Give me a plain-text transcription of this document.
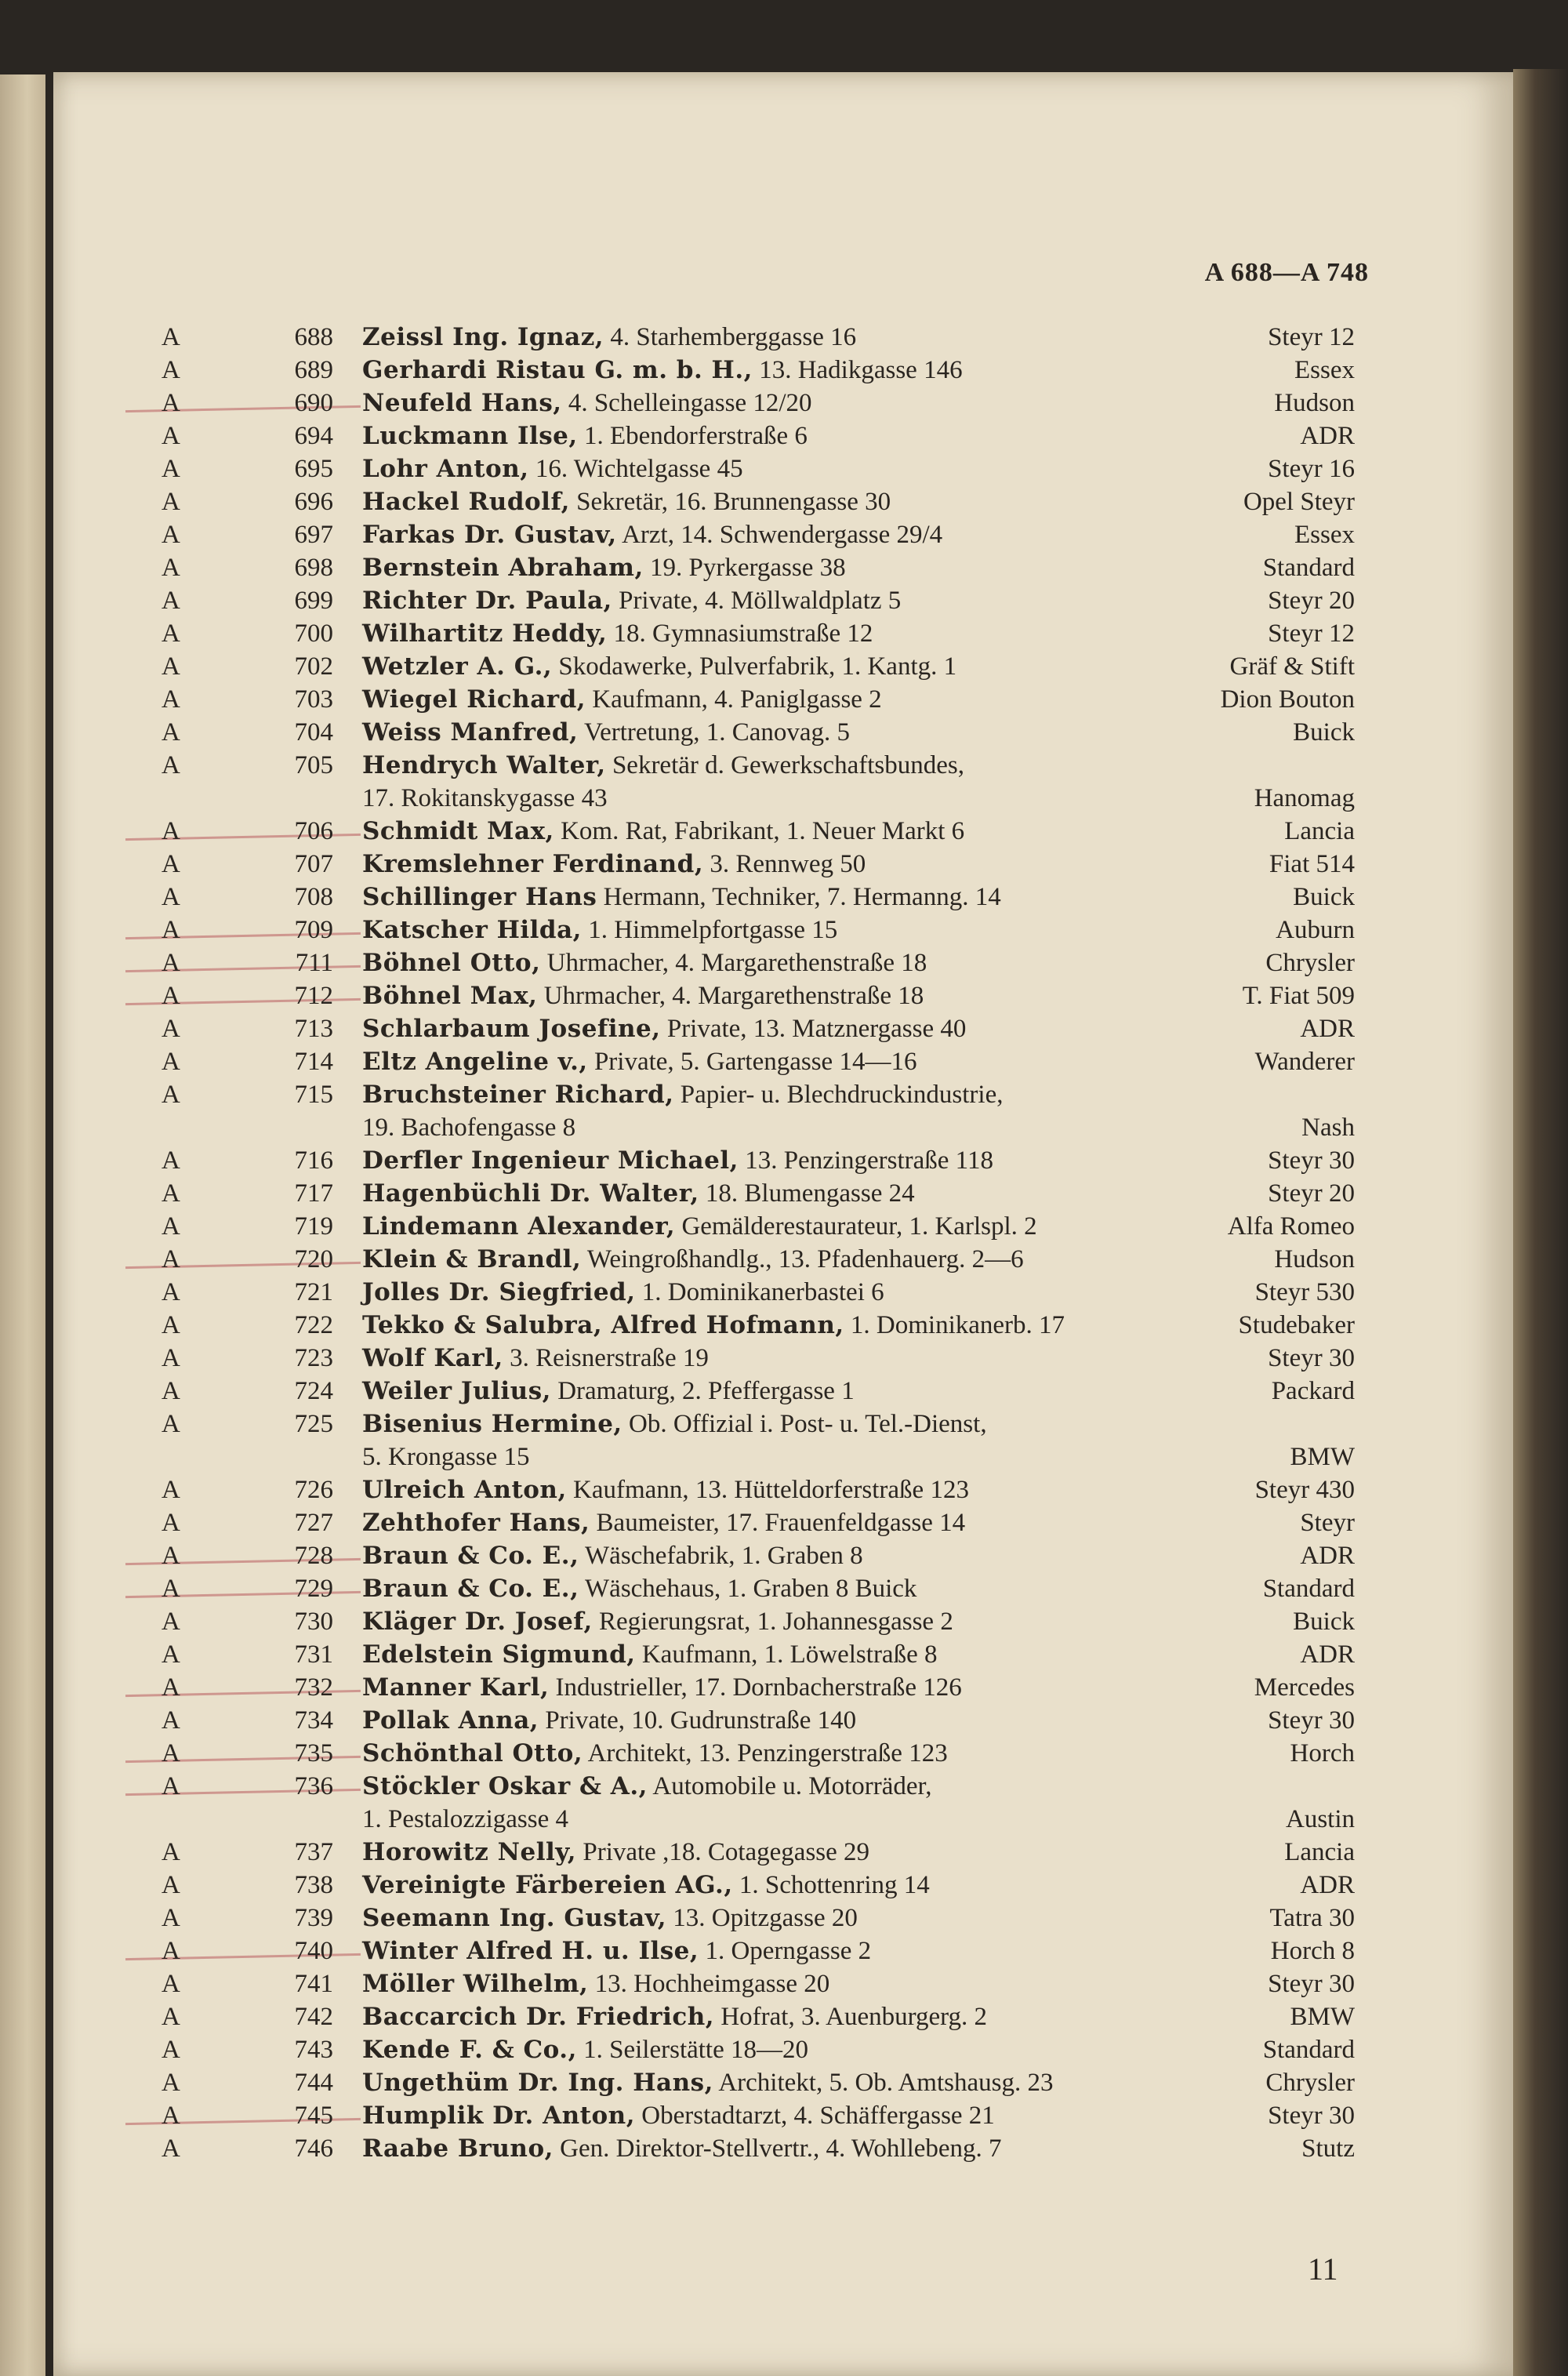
A 688—A 748
A	688 Zeissl Ing. Ignaz, 4. Starhemberggasse 16	Steyr 12
A	689 Gerhardi Ristau G. m. b. H., 13. Hadikgasse 146	Essex
A	690 Neufeld Hans, 4. Schelleingasse 12/20	Hudson
A	694 Luckmann Ilse, 1. Ebendorferstraße 6	ADR
A	695 Lohr Anton, 16. Wichtelgasse 45	Steyr 16
A	696 Hackel Rudolf, Sekretär, 16. Brunnengasse 30	Opel Steyr
A	697 Farkas Dr. Gustav, Arzt, 14. Schwendergasse 29/4	Essex
A	698 Bernstein Abraham, 19. Pyrkergasse 38	Standard
A	699 Richter Dr. Paula, Private, 4. Möllwaldplatz 5	Steyr 20
A	700 Wilhartitz Heddy, 18. Gymnasiumstraße 12	Steyr 12
A	702 Wetzler A. G., Skodawerke, Pulverfabrik, 1. Kantg. 1	Gräf & Stift
A	703 Wiegel Richard, Kaufmann, 4. Paniglgasse 2	Dion Bouton
A	704 Weiss Manfred, Vertretung, 1. Canovag. 5	Buick
A	705 Hendrych Walter, Sekretär d. Gewerkschaftsbundes,
17. Rokitanskygasse 43	Hanomag
A	706 Schmidt Max, Kom. Rat, Fabrikant, 1. Neuer Markt 6	Lancia
A	707 Kremslehner Ferdinand, 3. Rennweg 50	Fiat 514
A	708 Schillinger Hans Hermann, Techniker, 7. Hermanng. 14	Buick
A	709 Katscher Hilda, 1. Himmelpfortgasse 15	Auburn
A	711 Böhnel Otto, Uhrmacher, 4. Margarethenstraße 18	Chrysler
A	712 Böhnel Max, Uhrmacher, 4. Margarethenstraße 18	T. Fiat 509
A	713 Schlarbaum Josefine, Private, 13. Matznergasse 40	ADR
A	714 Eltz Angeline v., Private, 5. Gartengasse 14—16	Wanderer
A	715 Bruchsteiner Richard, Papier- u. Blechdruckindustrie,
19. Bachofengasse 8	Nash
A	716 Derfler Ingenieur Michael, 13. Penzingerstraße 118	Steyr 30
A	717 Hagenbüchli Dr. Walter, 18. Blumengasse 24	Steyr 20
A	719 Lindemann Alexander, Gemälderestaurateur, 1. Karlspl. 2	Alfa Romeo
A	720 Klein & Brandl, Weingroßhandlg., 13. Pfadenhauerg. 2—6	Hudson
A	721 Jolles Dr. Siegfried, 1. Dominikanerbastei 6	Steyr 530
A	722 Tekko & Salubra, Alfred Hofmann, 1. Dominikanerb. 17	Studebaker
A	723 Wolf Karl, 3. Reisnerstraße 19	Steyr 30
A	724 Weiler Julius, Dramaturg, 2. Pfeffergasse 1	Packard
A	725 Bisenius Hermine, Ob. Offizial i. Post- u. Tel.-Dienst,
5. Krongasse 15	BMW
A	726 Ulreich Anton, Kaufmann, 13. Hütteldorferstraße 123	Steyr 430
A	727 Zehthofer Hans, Baumeister, 17. Frauenfeldgasse 14	Steyr
A	728 Braun & Co. E., Wäschefabrik, 1. Graben 8	ADR
A	729 Braun & Co. E., Wäschehaus, 1. Graben 8 Buick	Standard
A	730 Kläger Dr. Josef, Regierungsrat, 1. Johannesgasse 2	Buick
A	731 Edelstein Sigmund, Kaufmann, 1. Löwelstraße 8	ADR
A	732 Manner Karl, Industrieller, 17. Dornbacherstraße 126	Mercedes
A	734 Pollak Anna, Private, 10. Gudrunstraße 140	Steyr 30
A	735 Schönthal Otto, Architekt, 13. Penzingerstraße 123	Horch
A	736 Stöckler Oskar & A., Automobile u. Motorräder,
1. Pestalozzigasse 4	Austin
A	737 Horowitz Nelly, Private ,18. Cotagegasse 29	Lancia
A	738 Vereinigte Färbereien AG., 1. Schottenring 14	ADR
A	739 Seemann Ing. Gustav, 13. Opitzgasse 20	Tatra 30
A	740 Winter Alfred H. u. Ilse, 1. Operngasse 2	Horch 8
A	741 Möller Wilhelm, 13. Hochheimgasse 20	Steyr 30
A	742 Baccarcich Dr. Friedrich, Hofrat, 3. Auenburgerg. 2	BMW
A	743 Kende F. & Co., 1. Seilerstätte 18—20	Standard
A	744 Ungethüm Dr. Ing. Hans, Architekt, 5. Ob. Amtshausg. 23	Chrysler
A	745 Humplik Dr. Anton, Oberstadtarzt, 4. Schäffergasse 21	Steyr 30
A	746 Raabe Bruno, Gen. Direktor-Stellvertr., 4. Wohllebeng. 7	Stutz
11
